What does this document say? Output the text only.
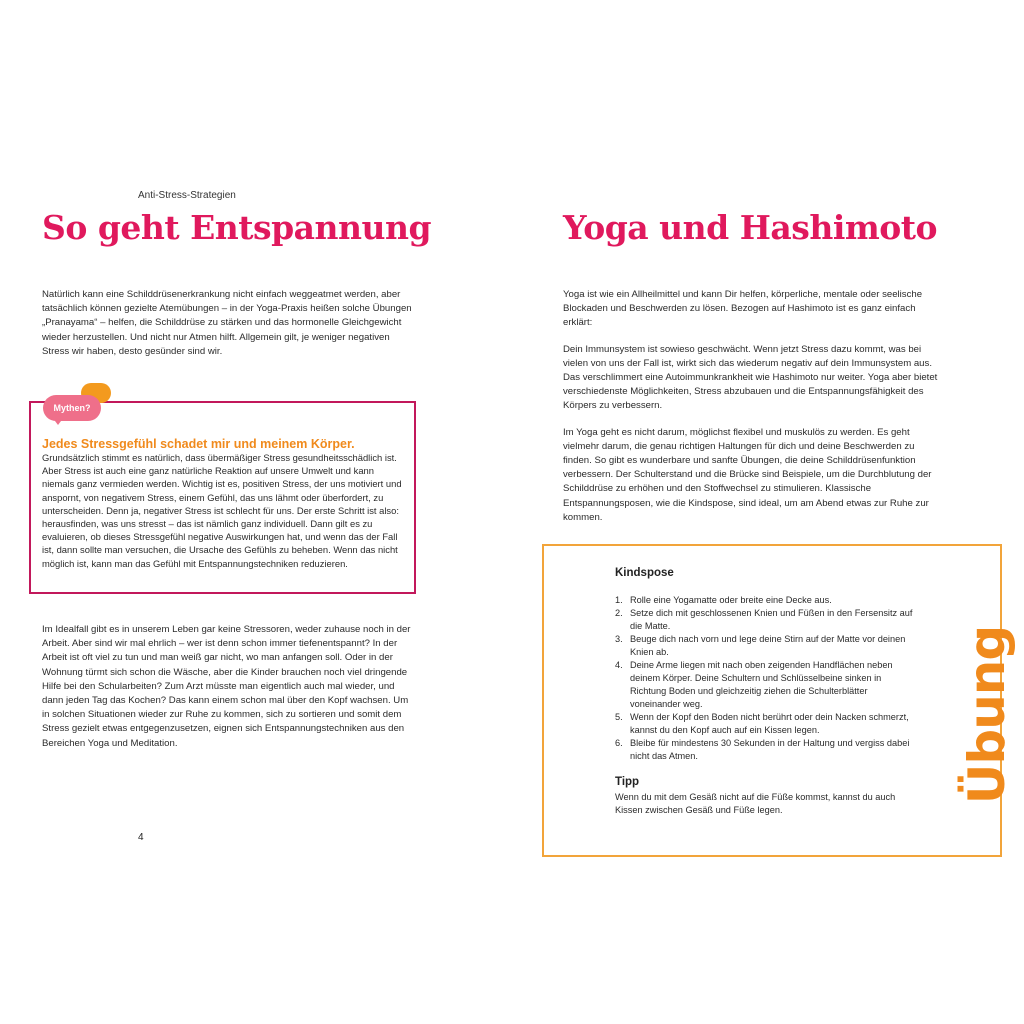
Anti-Stress-Strategien
So geht Entspannung
Natürlich kann eine Schilddrüsenerkrankung nicht einfach weggeatmet werden, aber tatsächlich können gezielte Atemübungen – in der Yoga-Praxis heißen solche Übungen „Pranayama“ – helfen, die Schilddrüse zu stärken und das hormonelle Gleichgewicht wieder herzustellen. Und nicht nur Atmen hilft. Allgemein gilt, je weniger negativen Stress wir haben, desto gesünder sind wir.
Mythen?
Jedes Stressgefühl schadet mir und meinem Körper.
Grundsätzlich stimmt es natürlich, dass übermäßiger Stress gesundheitsschädlich ist. Aber Stress ist auch eine ganz natürliche Reaktion auf unsere Umwelt und kann niemals ganz vermieden werden. Wichtig ist es, positiven Stress, der uns motiviert und anspornt, von negativem Stress, einem Gefühl, das uns lähmt oder überfordert, zu unterscheiden. Denn ja, negativer Stress ist schlecht für uns. Der erste Schritt ist also: herausfinden, was uns stresst – das ist nämlich ganz individuell. Dann gilt es zu evaluieren, ob dieses Stressgefühl negative Auswirkungen hat, und wenn das der Fall ist, dann sollte man versuchen, die Ursache des Gefühls zu beheben. Wenn das nicht möglich ist, kann man das Gefühl mit Entspannungstechniken reduzieren.
Im Idealfall gibt es in unserem Leben gar keine Stressoren, weder zuhause noch in der Arbeit. Aber sind wir mal ehrlich – wer ist denn schon immer tiefenentspannt? In der Arbeit ist oft viel zu tun und man weiß gar nicht, wo man anfangen soll. Oder in der Wohnung türmt sich schon die Wäsche, aber die Kinder brauchen noch viel dringende Hilfe bei den Schularbeiten? Zum Arzt müsste man eigentlich auch mal wieder, und dann jeden Tag das Kochen? Das kann einem schon mal über den Kopf wachsen. Um in solchen Situationen wieder zur Ruhe zu kommen, sich zu sortieren und somit dem Stress gezielt etwas entgegenzusetzen, eignen sich Entspannungstechniken aus den Bereichen Yoga und Meditation.
4
Yoga und Hashimoto

Yoga ist wie ein Allheilmittel und kann Dir helfen, körperliche, mentale oder seelische Blockaden und Beschwerden zu lösen. Bezogen auf Hashimoto ist es ganz einfach erklärt:

Dein Immunsystem ist sowieso geschwächt. Wenn jetzt Stress dazu kommt, was bei vielen von uns der Fall ist, wirkt sich das wiederum negativ auf dein Immunsystem aus. Das verschlimmert eine Autoimmunkrankheit wie Hashimoto nur weiter. Yoga aber bietet verschiedenste Möglichkeiten, Stress abzubauen und die Entspannungsfähigkeit des Körpers zu verbessern.

Im Yoga geht es nicht darum, möglichst flexibel und muskulös zu werden. Es geht vielmehr darum, die genau richtigen Haltungen für dich und deine Beschwerden zu finden. So gibt es wunderbare und sanfte Übungen, die deine Schilddrüsenfunktion verbessern. Der Schulterstand und die Brücke sind Beispiele, um die Durchblutung der Schilddrüse zu erhöhen und den Stoffwechsel zu stimulieren. Klassische Entspannungsposen, wie die Kindspose, sind ideal, um am Abend etwas zur Ruhe zur kommen.

Kindspose
1. Rolle eine Yogamatte oder breite eine Decke aus.
2. Setze dich mit geschlossenen Knien und Füßen in den Fersensitz auf die Matte.
3. Beuge dich nach vorn und lege deine Stirn auf der Matte vor deinen Knien ab.
4. Deine Arme liegen mit nach oben zeigenden Handflächen neben deinem Körper. Deine Schultern und Schlüsselbeine sinken in Richtung Boden und gleichzeitig ziehen die Schulterblätter voneinander weg.
5. Wenn der Kopf den Boden nicht berührt oder dein Nacken schmerzt, kannst du den Kopf auch auf ein Kissen legen.
6. Bleibe für mindestens 30 Sekunden in der Haltung und vergiss dabei nicht das Atmen.
Tipp
Wenn du mit dem Gesäß nicht auf die Füße kommst, kannst du auch Kissen zwischen Gesäß und Füße legen.
Übung
